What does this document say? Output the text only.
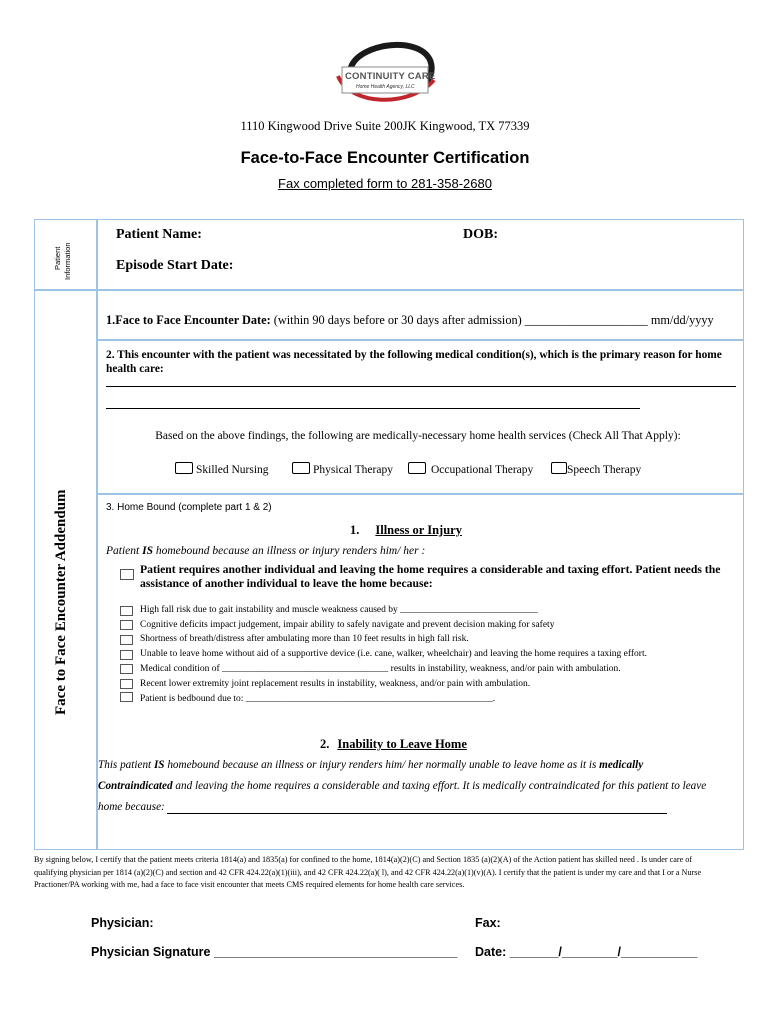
CONTINUITY CARE
Home Health Agency, LLC
1110 Kingwood Drive Suite 200JK Kingwood, TX 77339
Face-to-Face Encounter Certification
Fax completed form to 281-358-2680
Patient Information
Patient Name:	DOB:
Episode Start Date:
Face to Face Encounter Addendum
1.Face to Face Encounter Date: (within 90 days before or 30 days after admission) ____________________ mm/dd/yyyy
2. This encounter with the patient was necessitated by the following medical condition(s), which is the primary reason for home
health care:
Based on the above findings, the following are medically-necessary home health services (Check All That Apply):
Skilled Nursing	Physical Therapy	Occupational Therapy	Speech Therapy
3. Home Bound (complete part 1 & 2)
1. Illness or Injury
Patient IS homebound because an illness or injury renders him/ her :
Patient requires another individual and leaving the home requires a considerable and taxing effort. Patient needs the
assistance of another individual to leave the home because:
High fall risk due to gait instability and muscle weakness caused by _____________________________
Cognitive deficits impact judgement, impair ability to safely navigate and prevent decision making for safety
Shortness of breath/distress after ambulating more than 10 feet results in high fall risk.
Unable to leave home without aid of a supportive device (i.e. cane, walker, wheelchair) and leaving the home requires a taxing effort.
Medical condition of ___________________________________ results in instability, weakness, and/or pain with ambulation.
Recent lower extremity joint replacement results in instability, weakness, and/or pain with ambulation.
Patient is bedbound due to: ____________________________________________________.
2. Inability to Leave Home
This patient IS homebound because an illness or injury renders him/ her normally unable to leave home as it is medically
Contraindicated and leaving the home requires a considerable and taxing effort. It is medically contraindicated for this patient to leave
home because:
By signing below, I certify that the patient meets criteria 1814(a) and 1835(a) for confined to the home, 1814(a)(2)(C) and Section 1835 (a)(2)(A) of the Action patient has skilled need . Is under care of
qualifying physician per 1814 (a)(2)(C) and section and 42 CFR 424.22(a)(1)(iii), and 42 CFR 424.22(a)( l), and 42 CFR 424.22(a)(1)(v)(A). I certify that the patient is under my care and that I or a Nurse
Practioner/PA working with me, had a face to face visit encounter that meets CMS required elements for home health care services.
Physician:	Fax:
Physician Signature ___________________________________ Date: _______/________/___________
